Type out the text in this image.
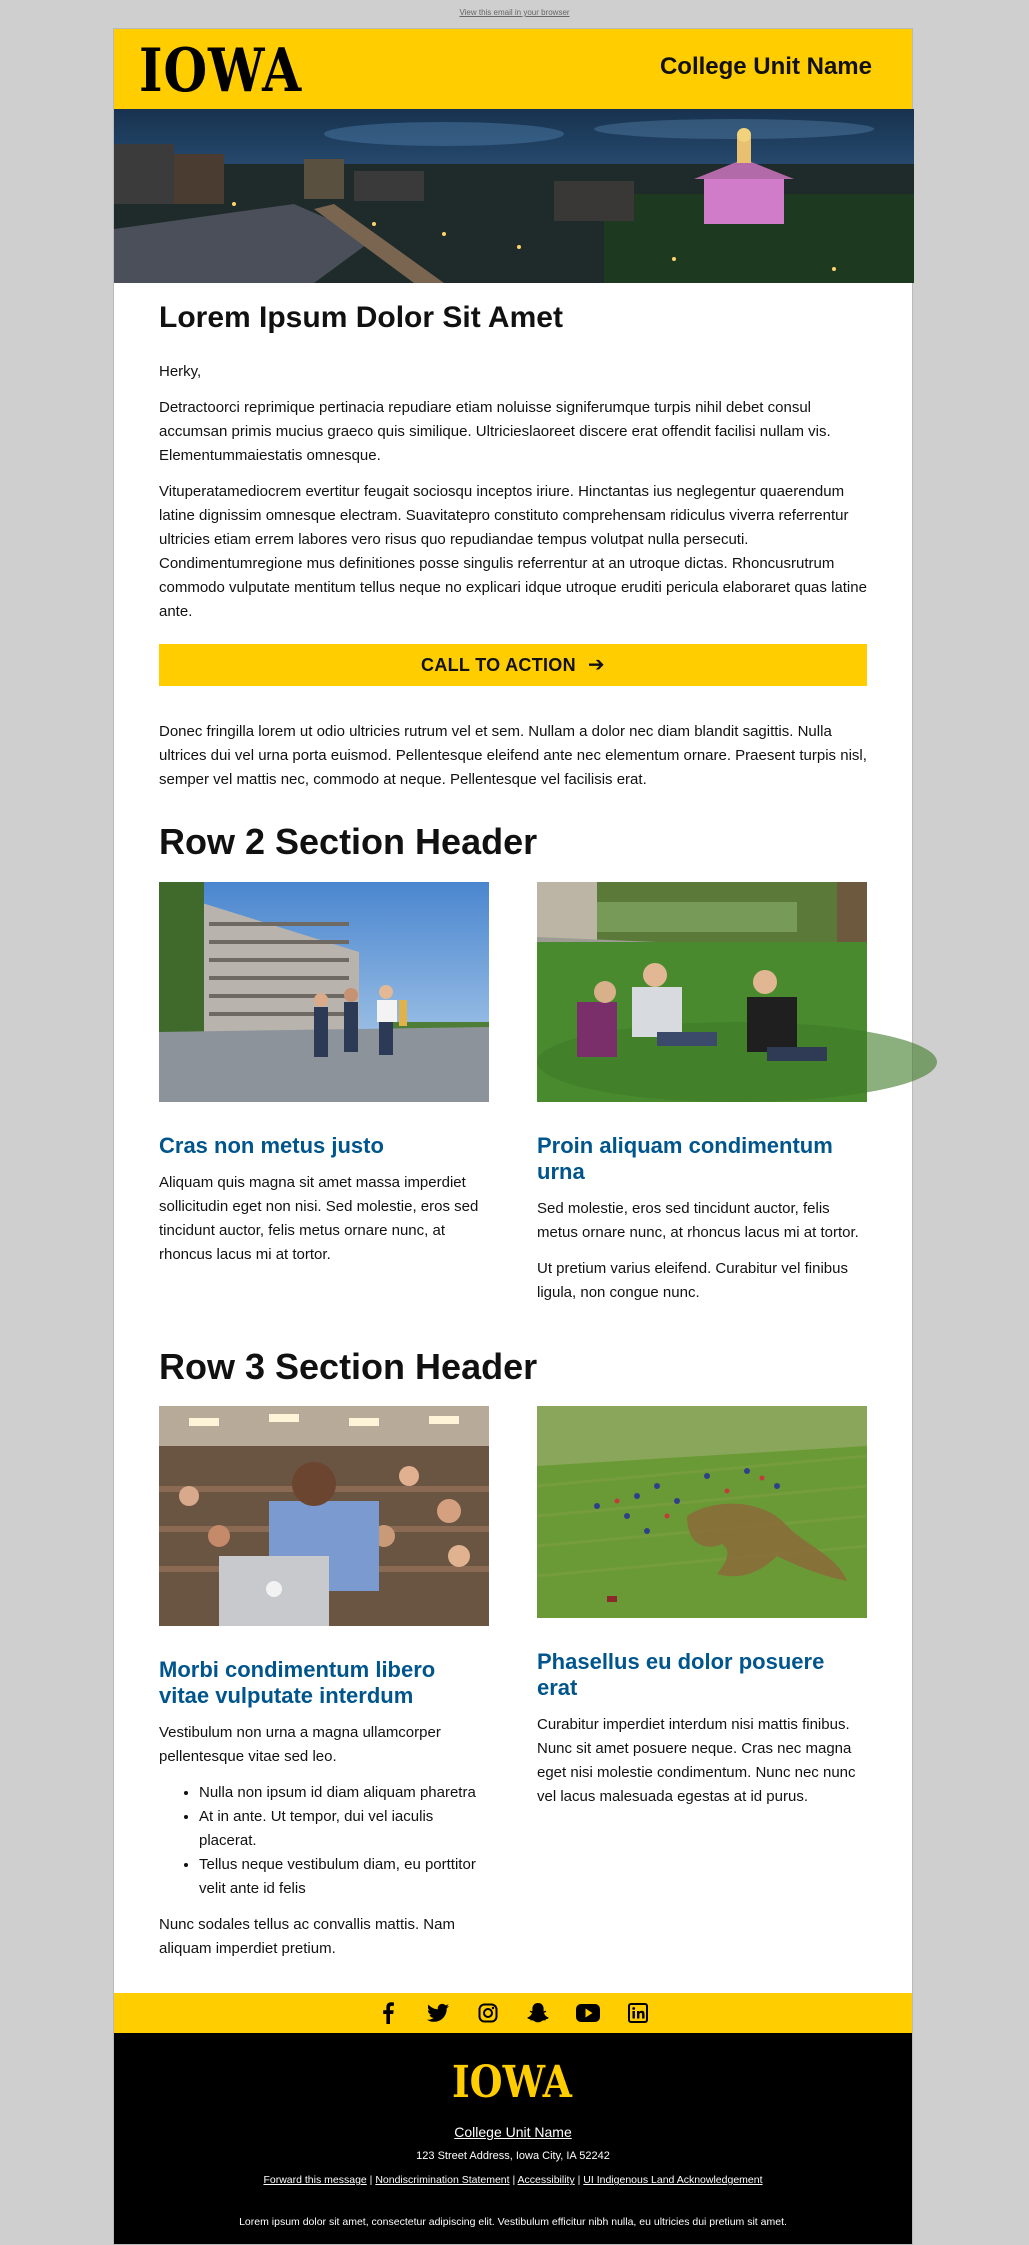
View this email in your browser
IOWA	College Unit Name
Lorem Ipsum Dolor Sit Amet

Herky,

Detractoorci reprimique pertinacia repudiare etiam noluisse signiferumque turpis nihil debet consul accumsan primis mucius graeco quis similique. Ultricieslaoreet discere erat offendit facilisi nullam vis. Elementummaiestatis omnesque.

Vituperatamediocrem evertitur feugait sociosqu inceptos iriure. Hinctantas ius neglegentur quaerendum latine dignissim omnesque electram. Suavitatepro constituto comprehensam ridiculus viverra referrentur ultricies etiam errem labores vero risus quo repudiandae tempus volutpat nulla persecuti. Condimentumregione mus definitiones posse singulis referrentur at an utroque dictas. Rhoncusrutrum commodo vulputate mentitum tellus neque no explicari idque utroque eruditi pericula elaboraret quas latine ante.

CALL TO ACTION ➔

Donec fringilla lorem ut odio ultricies rutrum vel et sem. Nullam a dolor nec diam blandit sagittis. Nulla ultrices dui vel urna porta euismod. Pellentesque eleifend ante nec elementum ornare. Praesent turpis nisl, semper vel mattis nec, commodo at neque. Pellentesque vel facilisis erat.

Row 2 Section Header
Cras non metus justo

Aliquam quis magna sit amet massa imperdiet sollicitudin eget non nisi. Sed molestie, eros sed tincidunt auctor, felis metus ornare nunc, at rhoncus lacus mi at tortor.

Proin aliquam condimentum urna

Sed molestie, eros sed tincidunt auctor, felis metus ornare nunc, at rhoncus lacus mi at tortor.

Ut pretium varius eleifend. Curabitur vel finibus ligula, non congue nunc.

Row 3 Section Header
Morbi condimentum libero vitae vulputate interdum

Vestibulum non urna a magna ullamcorper pellentesque vitae sed leo.

• Nulla non ipsum id diam aliquam pharetra
• At in ante. Ut tempor, dui vel iaculis placerat.
• Tellus neque vestibulum diam, eu porttitor velit ante id felis

Nunc sodales tellus ac convallis mattis. Nam aliquam imperdiet pretium.

Phasellus eu dolor posuere erat

Curabitur imperdiet interdum nisi mattis finibus. Nunc sit amet posuere neque. Cras nec magna eget nisi molestie condimentum. Nunc nec nunc vel lacus malesuada egestas at id purus.

IOWA
College Unit Name
123 Street Address, Iowa City, IA 52242
Forward this message | Nondiscrimination Statement | Accessibility | UI Indigenous Land Acknowledgement
Lorem ipsum dolor sit amet, consectetur adipiscing elit. Vestibulum efficitur nibh nulla, eu ultricies dui pretium sit amet.
